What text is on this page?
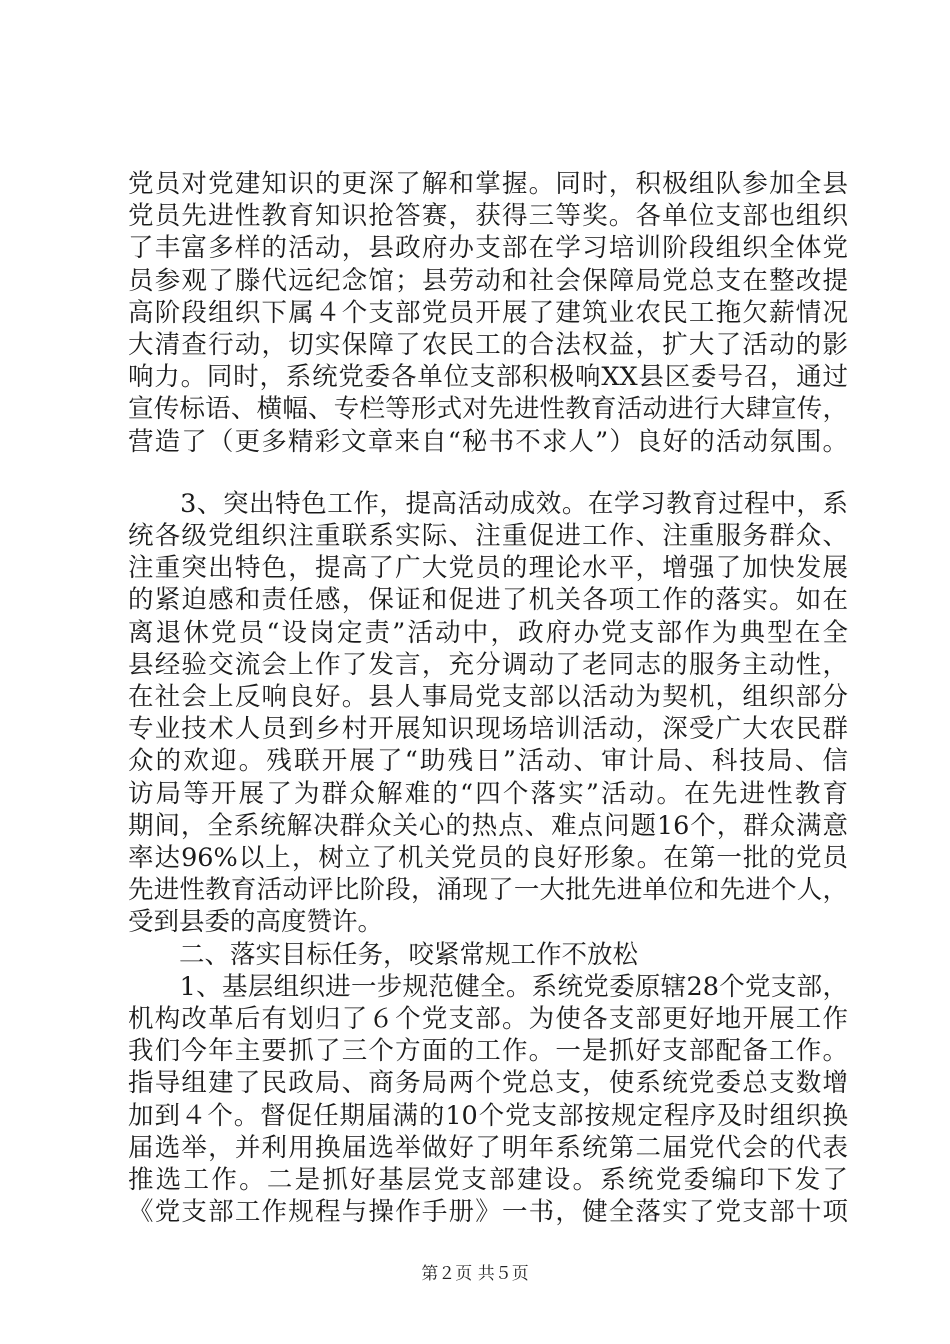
党员对党建知识的更深了解和掌握。同时，积极组队参加全县
党员先进性教育知识抢答赛，获得三等奖。各单位支部也组织
了丰富多样的活动，县政府办支部在学习培训阶段组织全体党
员参观了滕代远纪念馆；县劳动和社会保障局党总支在整改提
高阶段组织下属４个支部党员开展了建筑业农民工拖欠薪情况
大清查行动，切实保障了农民工的合法权益，扩大了活动的影
响力。同时，系统党委各单位支部积极响XX县区委号召，通过
宣传标语、横幅、专栏等形式对先进性教育活动进行大肆宣传，
营造了（更多精彩文章来自“秘书不求人”）良好的活动氛围。
　　3、突出特色工作，提高活动成效。在学习教育过程中，系
统各级党组织注重联系实际、注重促进工作、注重服务群众、
注重突出特色，提高了广大党员的理论水平，增强了加快发展
的紧迫感和责任感，保证和促进了机关各项工作的落实。如在
离退休党员“设岗定责”活动中，政府办党支部作为典型在全
县经验交流会上作了发言，充分调动了老同志的服务主动性，
在社会上反响良好。县人事局党支部以活动为契机，组织部分
专业技术人员到乡村开展知识现场培训活动，深受广大农民群
众的欢迎。残联开展了“助残日”活动、审计局、科技局、信
访局等开展了为群众解难的“四个落实”活动。在先进性教育
期间，全系统解决群众关心的热点、难点问题16个，群众满意
率达96%以上，树立了机关党员的良好形象。在第一批的党员
先进性教育活动评比阶段，涌现了一大批先进单位和先进个人，
受到县委的高度赞许。
　　二、落实目标任务，咬紧常规工作不放松
　　1、基层组织进一步规范健全。系统党委原辖28个党支部，
机构改革后有划归了６个党支部。为使各支部更好地开展工作
我们今年主要抓了三个方面的工作。一是抓好支部配备工作。
指导组建了民政局、商务局两个党总支，使系统党委总支数增
加到４个。督促任期届满的10个党支部按规定程序及时组织换
届选举，并利用换届选举做好了明年系统第二届党代会的代表
推选工作。二是抓好基层党支部建设。系统党委编印下发了
《党支部工作规程与操作手册》一书，健全落实了党支部十项
第２页 共５页
